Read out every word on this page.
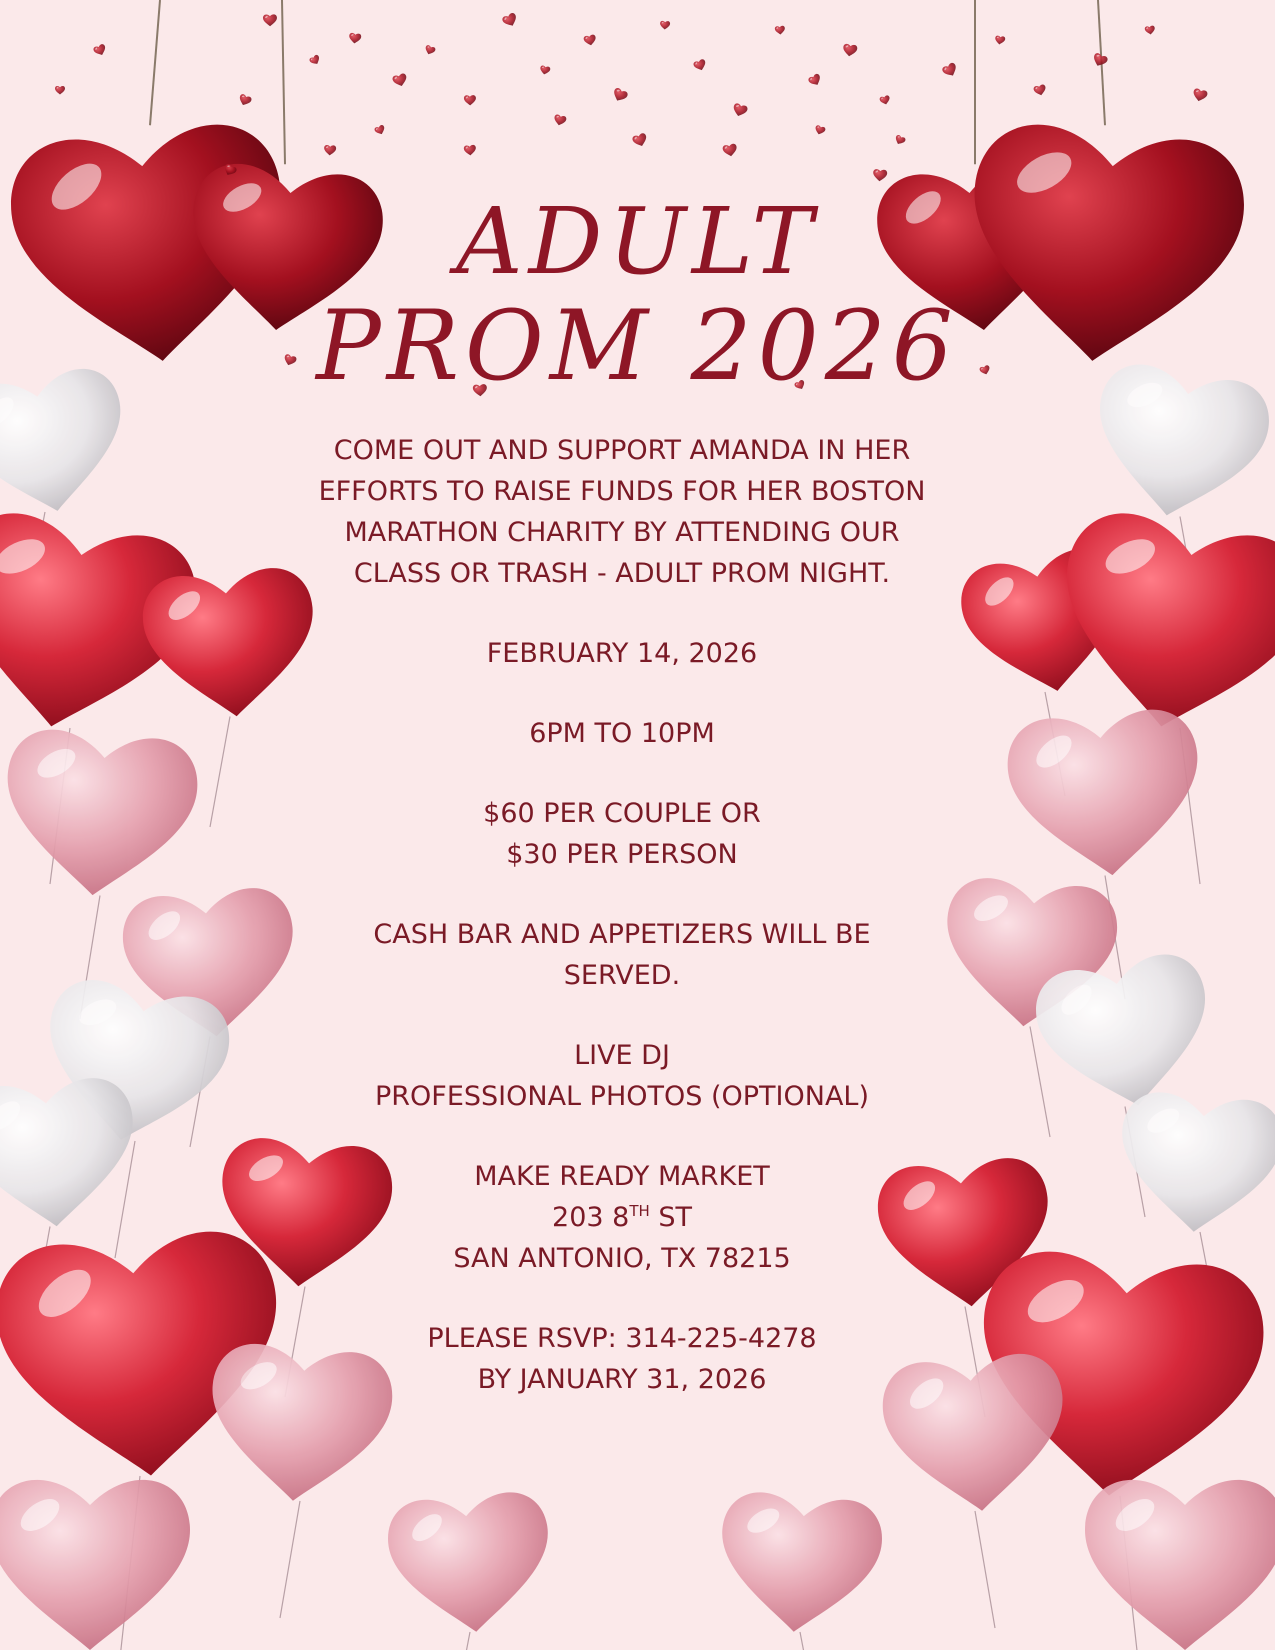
ADULT
PROM 2026

COME OUT AND SUPPORT AMANDA IN HER
EFFORTS TO RAISE FUNDS FOR HER BOSTON
MARATHON CHARITY BY ATTENDING OUR
CLASS OR TRASH - ADULT PROM NIGHT.

FEBRUARY 14, 2026

6PM TO 10PM

$60 PER COUPLE OR
$30 PER PERSON

CASH BAR AND APPETIZERS WILL BE
SERVED.

LIVE DJ
PROFESSIONAL PHOTOS (OPTIONAL)

MAKE READY MARKET
203 8TH ST
SAN ANTONIO, TX 78215

PLEASE RSVP: 314-225-4278
BY JANUARY 31, 2026
